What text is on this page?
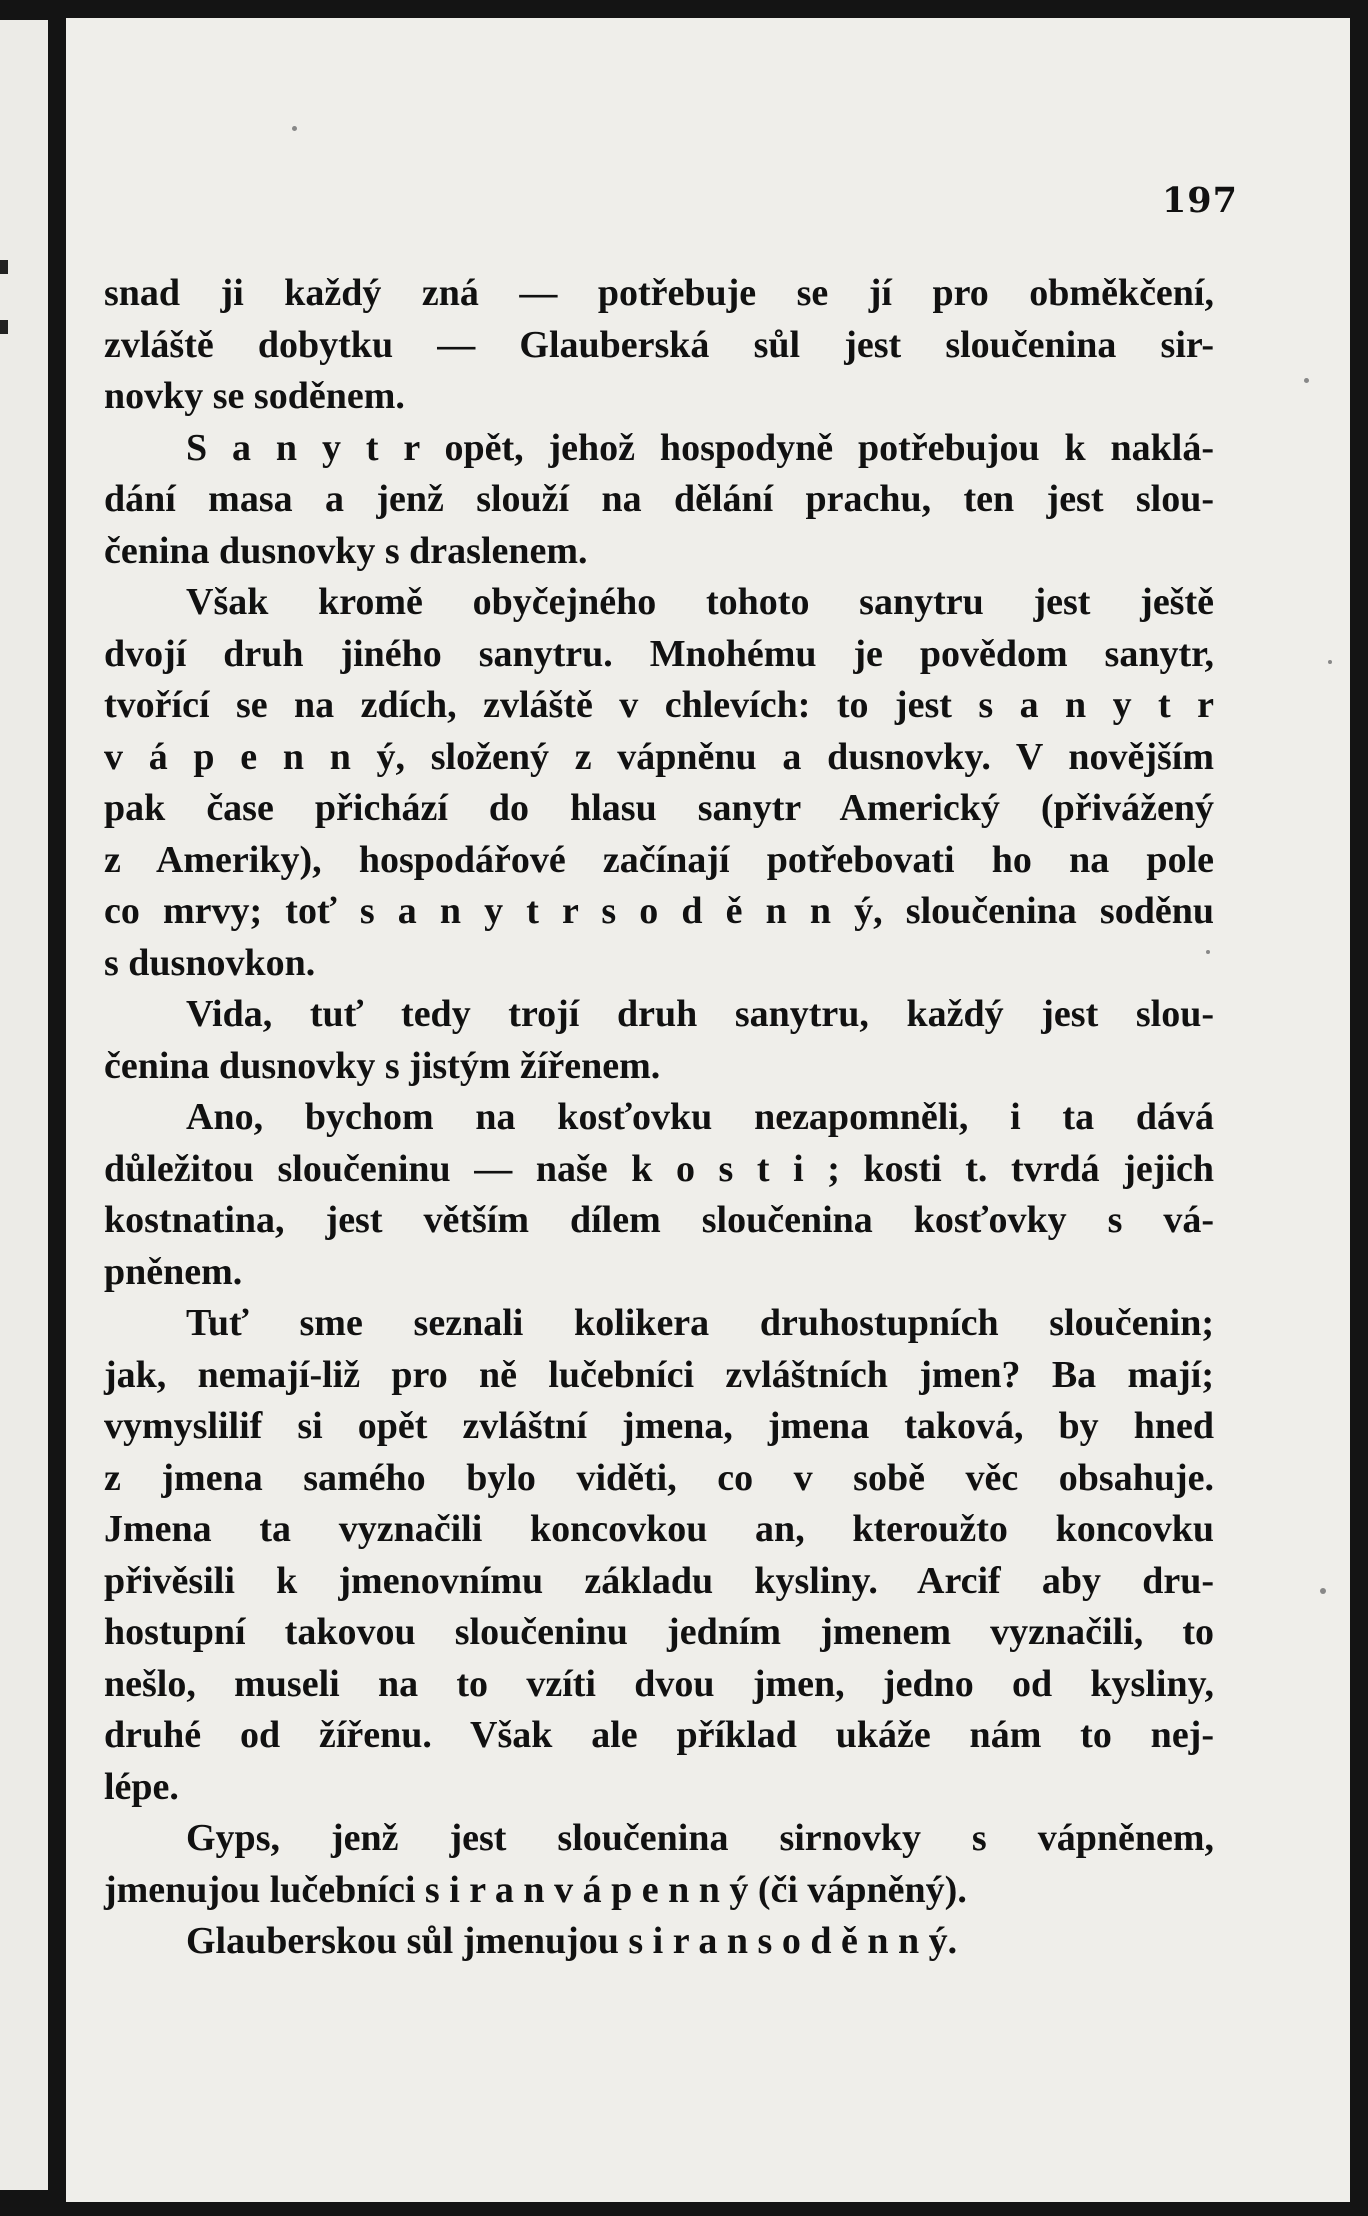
197
snad ji každý zná — potřebuje se jí pro obměkčení,
zvláště dobytku — Glauberská sůl jest sloučenina sir-
novky se soděnem.
S a n y t r opět, jehož hospodyně potřebujou k naklá-
dání masa a jenž slouží na dělání prachu, ten jest slou-
čenina dusnovky s draslenem.
Však kromě obyčejného tohoto sanytru jest ještě
dvojí druh jiného sanytru. Mnohému je povědom sanytr,
tvořící se na zdích, zvláště v chlevích: to jest s a n y t r
v á p e n n ý, složený z vápněnu a dusnovky. V novějším
pak čase přichází do hlasu sanytr Americký (přivážený
z Ameriky), hospodářové začínají potřebovati ho na pole
co mrvy; toť s a n y t r s o d ě n n ý, sloučenina soděnu
s dusnovkon.
Vida, tuť tedy trojí druh sanytru, každý jest slou-
čenina dusnovky s jistým žířenem.
Ano, bychom na kosťovku nezapomněli, i ta dává
důležitou sloučeninu — naše k o s t i ; kosti t. tvrdá jejich
kostnatina, jest větším dílem sloučenina kosťovky s vá-
pněnem.
Tuť sme seznali kolikera druhostupních sloučenin;
jak, nemají-liž pro ně lučebníci zvláštních jmen? Ba mají;
vymyslilif si opět zvláštní jmena, jmena taková, by hned
z jmena samého bylo viděti, co v sobě věc obsahuje.
Jmena ta vyznačili koncovkou an, kteroužto koncovku
přivěsili k jmenovnímu základu kysliny. Arcif aby dru-
hostupní takovou sloučeninu jedním jmenem vyznačili, to
nešlo, museli na to vzíti dvou jmen, jedno od kysliny,
druhé od žířenu. Však ale příklad ukáže nám to nej-
lépe.
Gyps, jenž jest sloučenina sirnovky s vápněnem,
jmenujou lučebníci s i r a n v á p e n n ý (či vápněný).
Glauberskou sůl jmenujou s i r a n s o d ě n n ý.
